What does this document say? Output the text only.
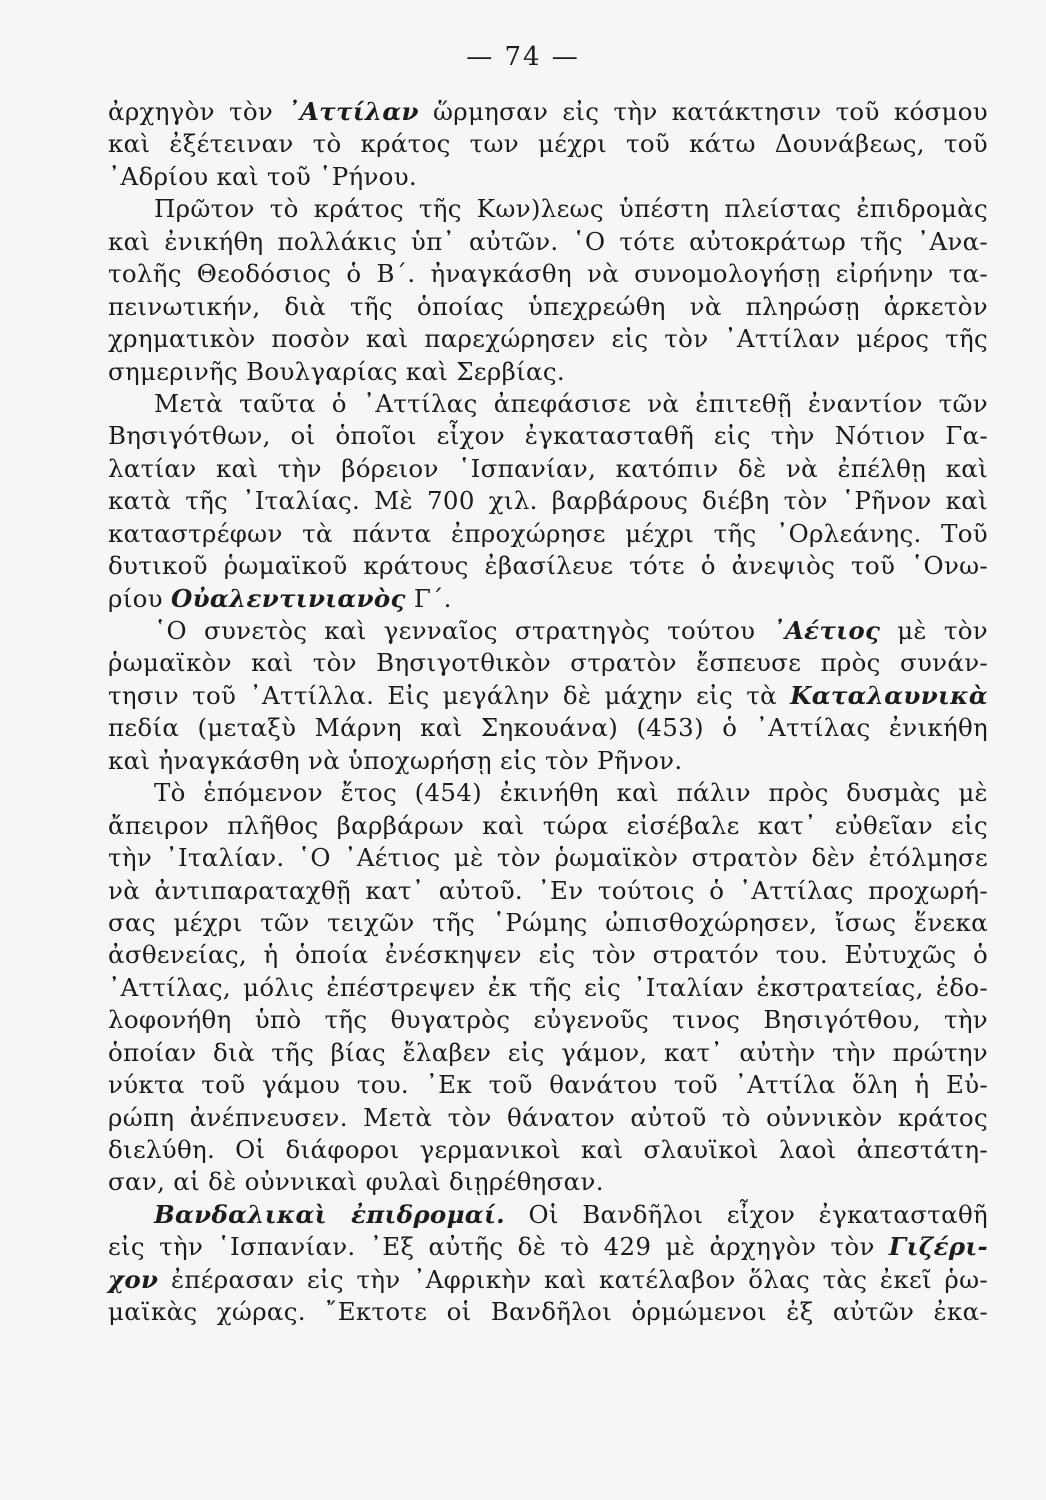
— 74 —
ἀρχηγὸν τὸν ᾿Αττίλαν ὥρμησαν εἰς τὴν κατάκτησιν τοῦ κόσμου
καὶ ἐξέτειναν τὸ κράτος των μέχρι τοῦ κάτω Δουνάβεως, τοῦ
᾿Αδρίου καὶ τοῦ ῾Ρήνου.
Πρῶτον τὸ κράτος τῆς Κων)λεως ὑπέστη πλείστας ἐπιδρομὰς
καὶ ἐνικήθη πολλάκις ὑπ᾿ αὐτῶν. ῾Ο τότε αὐτοκράτωρ τῆς ᾿Ανα-
τολῆς Θεοδόσιος ὁ Β΄. ἠναγκάσθη νὰ συνομολογήσῃ εἰρήνην τα-
πεινωτικήν, διὰ τῆς ὁποίας ὑπεχρεώθη νὰ πληρώσῃ ἀρκετὸν
χρηματικὸν ποσὸν καὶ παρεχώρησεν εἰς τὸν ᾿Αττίλαν μέρος τῆς
σημερινῆς Βουλγαρίας καὶ Σερβίας.
Μετὰ ταῦτα ὁ ᾿Αττίλας ἀπεφάσισε νὰ ἐπιτεθῇ ἐναντίον τῶν
Βησιγότθων, οἱ ὁποῖοι εἶχον ἐγκατασταθῆ εἰς τὴν Νότιον Γα-
λατίαν καὶ τὴν βόρειον ῾Ισπανίαν, κατόπιν δὲ νὰ ἐπέλθῃ καὶ
κατὰ τῆς ᾿Ιταλίας. Μὲ 700 χιλ. βαρβάρους διέβη τὸν ῾Ρῆνον καὶ
καταστρέφων τὰ πάντα ἐπροχώρησε μέχρι τῆς ᾿Ορλεάνης. Τοῦ
δυτικοῦ ῥωμαϊκοῦ κράτους ἐβασίλευε τότε ὁ ἀνεψιὸς τοῦ ῾Ονω-
ρίου Οὐαλεντινιανὸς Γ΄.
῾Ο συνετὸς καὶ γενναῖος στρατηγὸς τούτου ᾿Αέτιος μὲ τὸν
ῥωμαϊκὸν καὶ τὸν Βησιγοτθικὸν στρατὸν ἔσπευσε πρὸς συνάν-
τησιν τοῦ ᾿Αττίλλα. Εἰς μεγάλην δὲ μάχην εἰς τὰ Καταλαυνικὰ
πεδία (μεταξὺ Μάρνη καὶ Σηκουάνα) (453) ὁ ᾿Αττίλας ἐνικήθη
καὶ ἠναγκάσθη νὰ ὑποχωρήσῃ εἰς τὸν Ρῆνον.
Τὸ ἑπόμενον ἔτος (454) ἐκινήθη καὶ πάλιν πρὸς δυσμὰς μὲ
ἄπειρον πλῆθος βαρβάρων καὶ τώρα εἰσέβαλε κατ᾿ εὐθεῖαν εἰς
τὴν ᾿Ιταλίαν. ῾Ο ᾿Αέτιος μὲ τὸν ῥωμαϊκὸν στρατὸν δὲν ἐτόλμησε
νὰ ἀντιπαραταχθῇ κατ᾿ αὐτοῦ. ᾿Εν τούτοις ὁ ᾿Αττίλας προχωρή-
σας μέχρι τῶν τειχῶν τῆς ῾Ρώμης ὠπισθοχώρησεν, ἴσως ἕνεκα
ἀσθενείας, ἡ ὁποία ἐνέσκηψεν εἰς τὸν στρατόν του. Εὐτυχῶς ὁ
᾿Αττίλας, μόλις ἐπέστρεψεν ἐκ τῆς εἰς ᾿Ιταλίαν ἐκστρατείας, ἐδο-
λοφονήθη ὑπὸ τῆς θυγατρὸς εὐγενοῦς τινος Βησιγότθου, τὴν
ὁποίαν διὰ τῆς βίας ἔλαβεν εἰς γάμον, κατ᾿ αὐτὴν τὴν πρώτην
νύκτα τοῦ γάμου του. ᾿Εκ τοῦ θανάτου τοῦ ᾿Αττίλα ὅλη ἡ Εὐ-
ρώπη ἀνέπνευσεν. Μετὰ τὸν θάνατον αὐτοῦ τὸ οὐννικὸν κράτος
διελύθη. Οἱ διάφοροι γερμανικοὶ καὶ σλαυϊκοὶ λαοὶ ἀπεστάτη-
σαν, αἱ δὲ οὐννικαὶ φυλαὶ διῃρέθησαν.
Βανδαλικαὶ ἐπιδρομαί. Οἱ Βανδῆλοι εἶχον ἐγκατασταθῆ
εἰς τὴν ῾Ισπανίαν. ᾿Εξ αὐτῆς δὲ τὸ 429 μὲ ἀρχηγὸν τὸν Γιζέρι-
χον ἐπέρασαν εἰς τὴν ᾿Αφρικὴν καὶ κατέλαβον ὅλας τὰς ἐκεῖ ῥω-
μαϊκὰς χώρας. ῎Εκτοτε οἱ Βανδῆλοι ὁρμώμενοι ἐξ αὐτῶν ἐκα-
